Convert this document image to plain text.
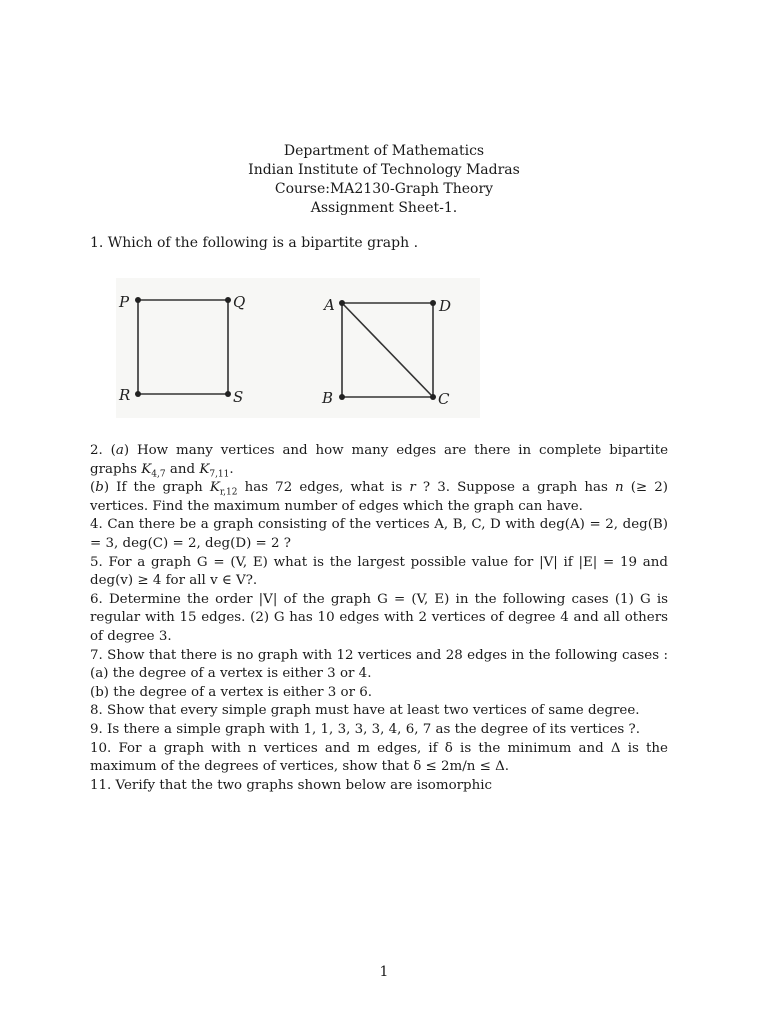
Department of Mathematics
Indian Institute of Technology Madras
Course:MA2130-Graph Theory
Assignment Sheet-1.
1. Which of the following is a bipartite graph .
P	Q
R	S
A	D
B	C
2. (a) How many vertices and how many edges are there in complete bipartite graphs $K_{4,7}$ and $K_{7,11}$.
(b) If the graph $K_{r,12}$ has 72 edges, what is r ? 3. Suppose a graph has n (≥ 2) vertices. Find the maximum number of edges which the graph can have.
4. Can there be a graph consisting of the vertices A, B, C, D with deg(A) = 2, deg(B) = 3, deg(C) = 2, deg(D) = 2 ?
5. For a graph G = (V, E) what is the largest possible value for |V| if |E| = 19 and deg(v) ≥ 4 for all v ∈ V?.
6. Determine the order |V| of the graph G = (V, E) in the following cases (1) G is regular with 15 edges. (2) G has 10 edges with 2 vertices of degree 4 and all others of degree 3.
7. Show that there is no graph with 12 vertices and 28 edges in the following cases : (a) the degree of a vertex is either 3 or 4.
(b) the degree of a vertex is either 3 or 6.
8. Show that every simple graph must have at least two vertices of same degree.
9. Is there a simple graph with 1, 1, 3, 3, 3, 4, 6, 7 as the degree of its vertices ?.
10. For a graph with n vertices and m edges, if δ is the minimum and Δ is the maximum of the degrees of vertices, show that δ ≤ 2m/n ≤ Δ.
11. Verify that the two graphs shown below are isomorphic
1
